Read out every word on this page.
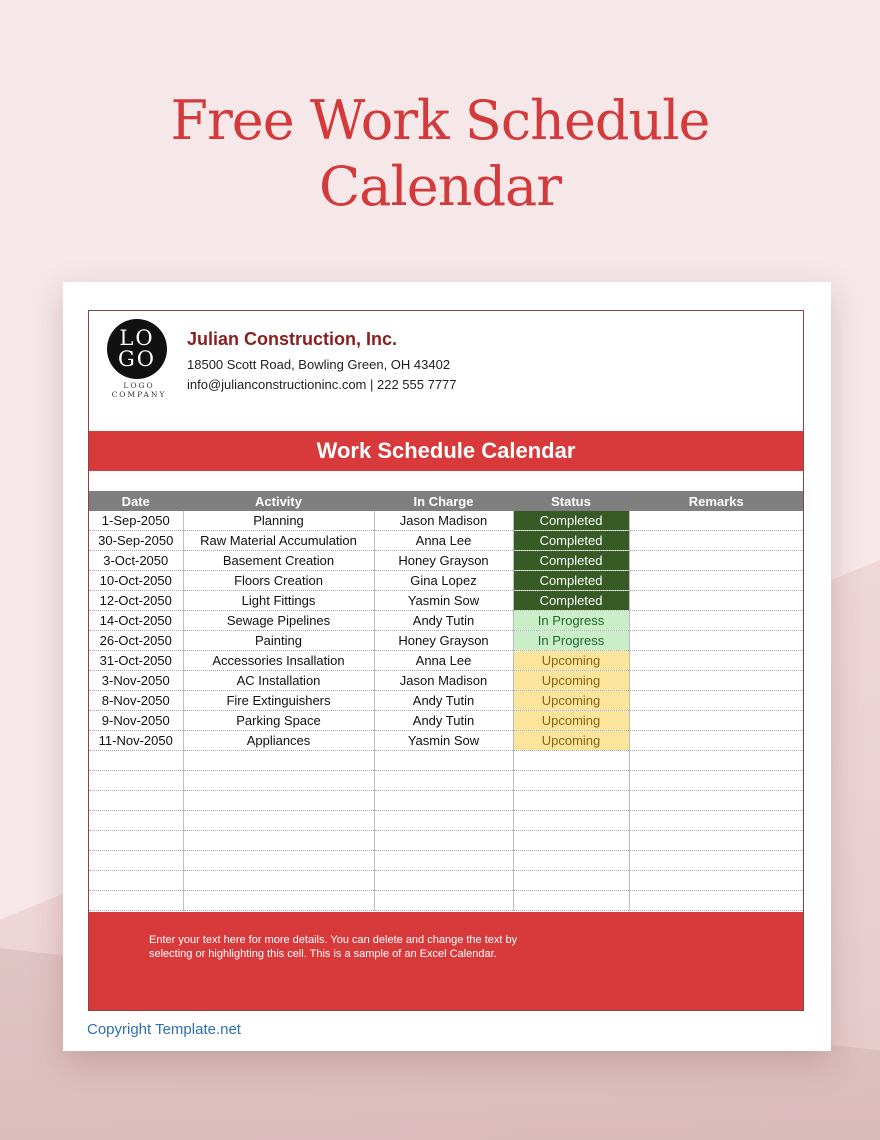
Free Work Schedule
Calendar
LO
GO
LOGO COMPANY
Julian Construction, Inc.
18500 Scott Road, Bowling Green, OH 43402
info@julianconstructioninc.com | 222 555 7777
Work Schedule Calendar
Date	Activity	In Charge	Status	Remarks
1-Sep-2050	Planning	Jason Madison	Completed	
30-Sep-2050	Raw Material Accumulation	Anna Lee	Completed	
3-Oct-2050	Basement Creation	Honey Grayson	Completed	
10-Oct-2050	Floors Creation	Gina Lopez	Completed	
12-Oct-2050	Light Fittings	Yasmin Sow	Completed	
14-Oct-2050	Sewage Pipelines	Andy Tutin	In Progress	
26-Oct-2050	Painting	Honey Grayson	In Progress	
31-Oct-2050	Accessories Insallation	Anna Lee	Upcoming	
3-Nov-2050	AC Installation	Jason Madison	Upcoming	
8-Nov-2050	Fire Extinguishers	Andy Tutin	Upcoming	
9-Nov-2050	Parking Space	Andy Tutin	Upcoming	
11-Nov-2050	Appliances	Yasmin Sow	Upcoming	

Enter your text here for more details. You can delete and change the text by selecting or highlighting this cell. This is a sample of an Excel Calendar.
Copyright Template.net
